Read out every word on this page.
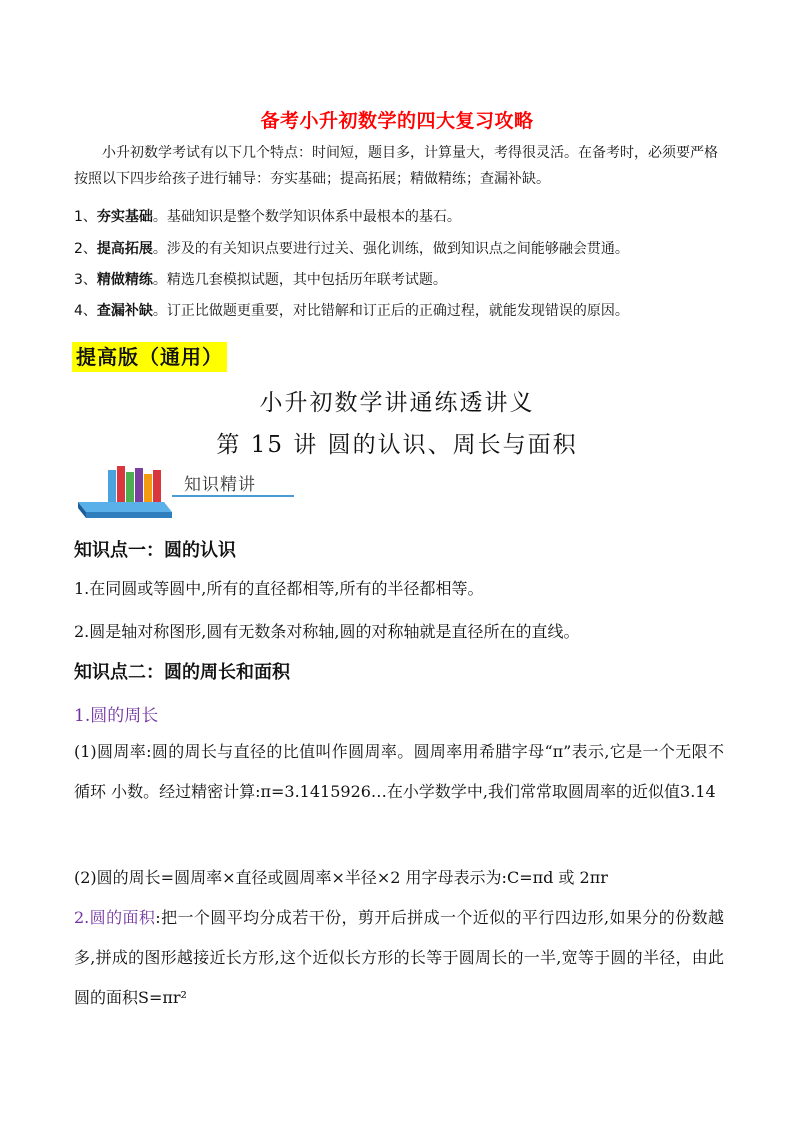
备考小升初数学的四大复习攻略

小升初数学考试有以下几个特点：时间短，题目多，计算量大，考得很灵活。在备考时，必须要严格按照以下四步给孩子进行辅导：夯实基础；提高拓展；精做精练；查漏补缺。

1、夯实基础。基础知识是整个数学知识体系中最根本的基石。

2、提高拓展。涉及的有关知识点要进行过关、强化训练，做到知识点之间能够融会贯通。

3、精做精练。精选几套模拟试题，其中包括历年联考试题。

4、查漏补缺。订正比做题更重要，对比错解和订正后的正确过程，就能发现错误的原因。

提高版（通用）
小升初数学讲通练透讲义
第 15 讲 圆的认识、周长与面积
知识精讲
知识点一：圆的认识
1.在同圆或等圆中,所有的直径都相等,所有的半径都相等。
2.圆是轴对称图形,圆有无数条对称轴,圆的对称轴就是直径所在的直线。
知识点二：圆的周长和面积
1.圆的周长

(1)圆周率:圆的周长与直径的比值叫作圆周率。圆周率用希腊字母“π”表示,它是一个无限不循环 小数。经过精密计算:π=3.1415926…在小学数学中,我们常常取圆周率的近似值3.14

(2)圆的周长=圆周率×直径或圆周率×半径×2 用字母表示为:C=πd 或 2πr

2.圆的面积:把一个圆平均分成若干份，剪开后拼成一个近似的平行四边形,如果分的份数越多,拼成的图形越接近长方形,这个近似长方形的长等于圆周长的一半,宽等于圆的半径，由此圆的面积S=πr²
